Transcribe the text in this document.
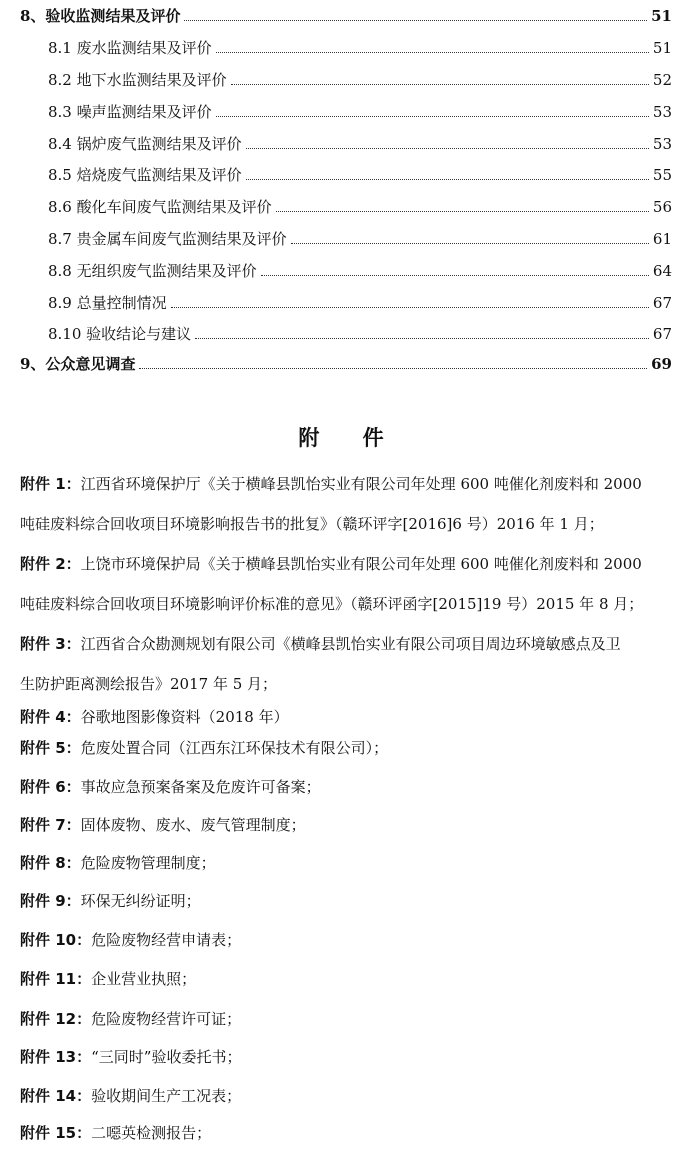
8、验收监测结果及评价	51
8.1 废水监测结果及评价	51
8.2 地下水监测结果及评价	52
8.3 噪声监测结果及评价	53
8.4 锅炉废气监测结果及评价	53
8.5 焙烧废气监测结果及评价	55
8.6 酸化车间废气监测结果及评价	56
8.7 贵金属车间废气监测结果及评价	61
8.8 无组织废气监测结果及评价	64
8.9 总量控制情况	67
8.10 验收结论与建议	67
9、公众意见调查	69
附 件
附件 1：江西省环境保护厅《关于横峰县凯怡实业有限公司年处理 600 吨催化剂废料和 2000
吨硅废料综合回收项目环境影响报告书的批复》（赣环评字[2016]6 号）2016 年 1 月；
附件 2：上饶市环境保护局《关于横峰县凯怡实业有限公司年处理 600 吨催化剂废料和 2000
吨硅废料综合回收项目环境影响评价标准的意见》（赣环评函字[2015]19 号）2015 年 8 月；
附件 3：江西省合众勘测规划有限公司《横峰县凯怡实业有限公司项目周边环境敏感点及卫
生防护距离测绘报告》2017 年 5 月；
附件 4：谷歌地图影像资料（2018 年）
附件 5：危废处置合同（江西东江环保技术有限公司）；
附件 6：事故应急预案备案及危废许可备案；
附件 7：固体废物、废水、废气管理制度；
附件 8：危险废物管理制度；
附件 9：环保无纠纷证明；
附件 10：危险废物经营申请表；
附件 11：企业营业执照；
附件 12：危险废物经营许可证；
附件 13：“三同时”验收委托书；
附件 14：验收期间生产工况表；
附件 15：二噁英检测报告；
